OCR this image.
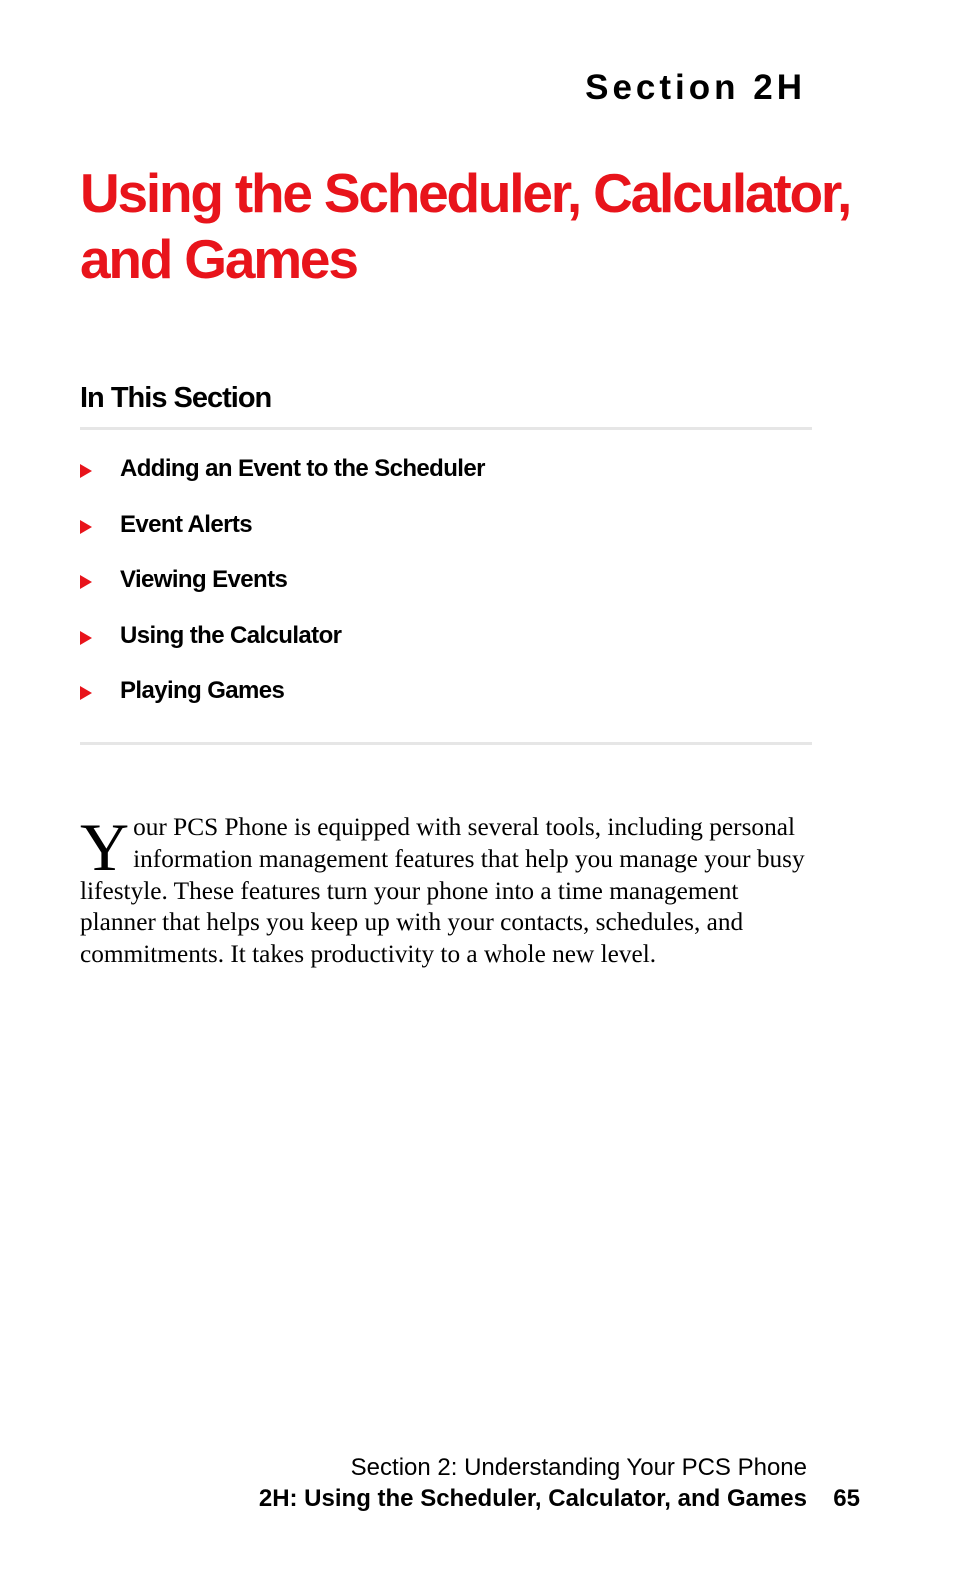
Section 2H
Using the Scheduler, Calculator,
and Games
In This Section
Adding an Event to the Scheduler
Event Alerts
Viewing Events
Using the Calculator
Playing Games

Your PCS Phone is equipped with several tools, including personal information management features that help you manage your busy lifestyle. These features turn your phone into a time management planner that helps you keep up with your contacts, schedules, and commitments. It takes productivity to a whole new level.

Section 2: Understanding Your PCS Phone
2H: Using the Scheduler, Calculator, and Games 65
